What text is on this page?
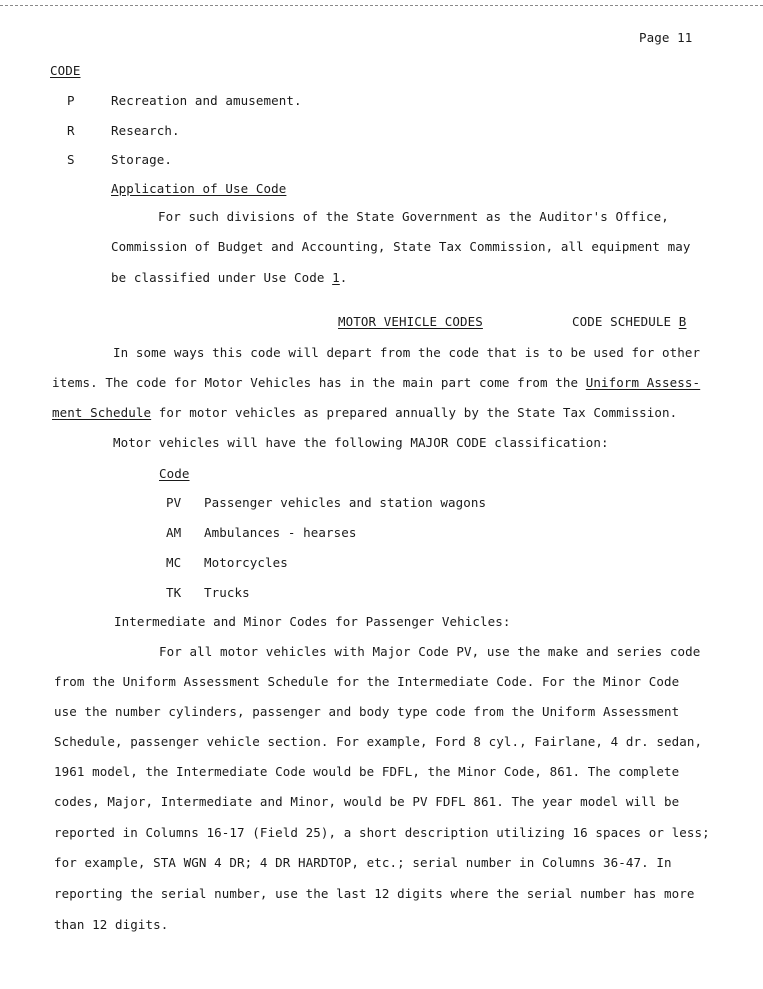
Page 11
CODE
P	Recreation and amusement.
R	Research.
S	Storage.
Application of Use Code
For such divisions of the State Government as the Auditor's Office,
Commission of Budget and Accounting, State Tax Commission, all equipment may
be classified under Use Code 1.
MOTOR VEHICLE CODES	CODE SCHEDULE B
In some ways this code will depart from the code that is to be used for other
items. The code for Motor Vehicles has in the main part come from the Uniform Assess-
ment Schedule for motor vehicles as prepared annually by the State Tax Commission.
Motor vehicles will have the following MAJOR CODE classification:
Code
PV Passenger vehicles and station wagons
AM Ambulances - hearses
MC Motorcycles
TK Trucks
Intermediate and Minor Codes for Passenger Vehicles:
For all motor vehicles with Major Code PV, use the make and series code
from the Uniform Assessment Schedule for the Intermediate Code. For the Minor Code
use the number cylinders, passenger and body type code from the Uniform Assessment
Schedule, passenger vehicle section. For example, Ford 8 cyl., Fairlane, 4 dr. sedan,
1961 model, the Intermediate Code would be FDFL, the Minor Code, 861. The complete
codes, Major, Intermediate and Minor, would be PV FDFL 861. The year model will be
reported in Columns 16-17 (Field 25), a short description utilizing 16 spaces or less;
for example, STA WGN 4 DR; 4 DR HARDTOP, etc.; serial number in Columns 36-47. In
reporting the serial number, use the last 12 digits where the serial number has more
than 12 digits.
